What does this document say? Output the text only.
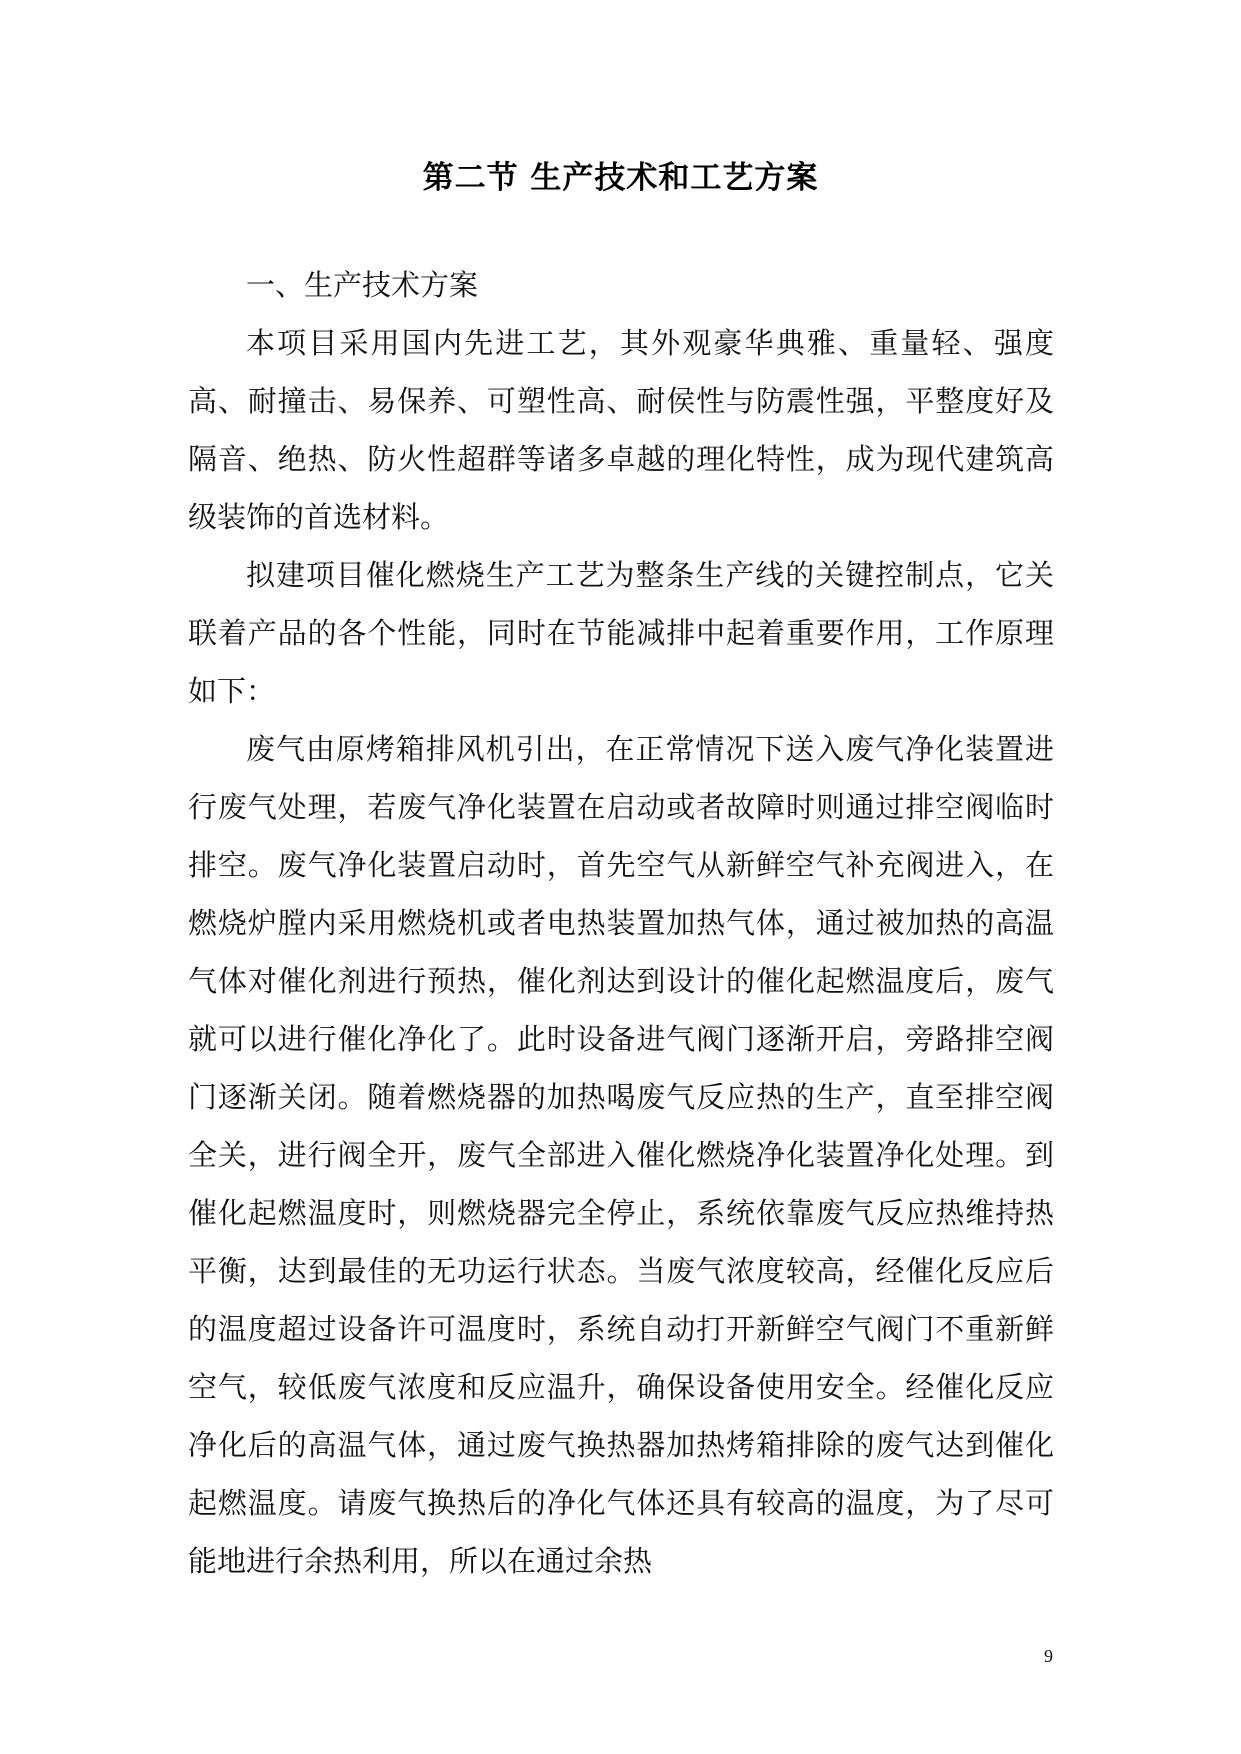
第二节 生产技术和工艺方案

一、生产技术方案

本项目采用国内先进工艺，其外观豪华典雅、重量轻、强度高、耐撞击、易保养、可塑性高、耐侯性与防震性强，平整度好及隔音、绝热、防火性超群等诸多卓越的理化特性，成为现代建筑高级装饰的首选材料。

拟建项目催化燃烧生产工艺为整条生产线的关键控制点，它关联着产品的各个性能，同时在节能减排中起着重要作用，工作原理如下：

废气由原烤箱排风机引出，在正常情况下送入废气净化装置进行废气处理，若废气净化装置在启动或者故障时则通过排空阀临时排空。废气净化装置启动时，首先空气从新鲜空气补充阀进入，在燃烧炉膛内采用燃烧机或者电热装置加热气体，通过被加热的高温气体对催化剂进行预热，催化剂达到设计的催化起燃温度后，废气就可以进行催化净化了。此时设备进气阀门逐渐开启，旁路排空阀门逐渐关闭。随着燃烧器的加热喝废气反应热的生产，直至排空阀全关，进行阀全开，废气全部进入催化燃烧净化装置净化处理。到催化起燃温度时，则燃烧器完全停止，系统依靠废气反应热维持热平衡，达到最佳的无功运行状态。当废气浓度较高，经催化反应后的温度超过设备许可温度时，系统自动打开新鲜空气阀门不重新鲜空气，较低废气浓度和反应温升，确保设备使用安全。经催化反应净化后的高温气体，通过废气换热器加热烤箱排除的废气达到催化起燃温度。请废气换热后的净化气体还具有较高的温度，为了尽可能地进行余热利用，所以在通过余热

9
